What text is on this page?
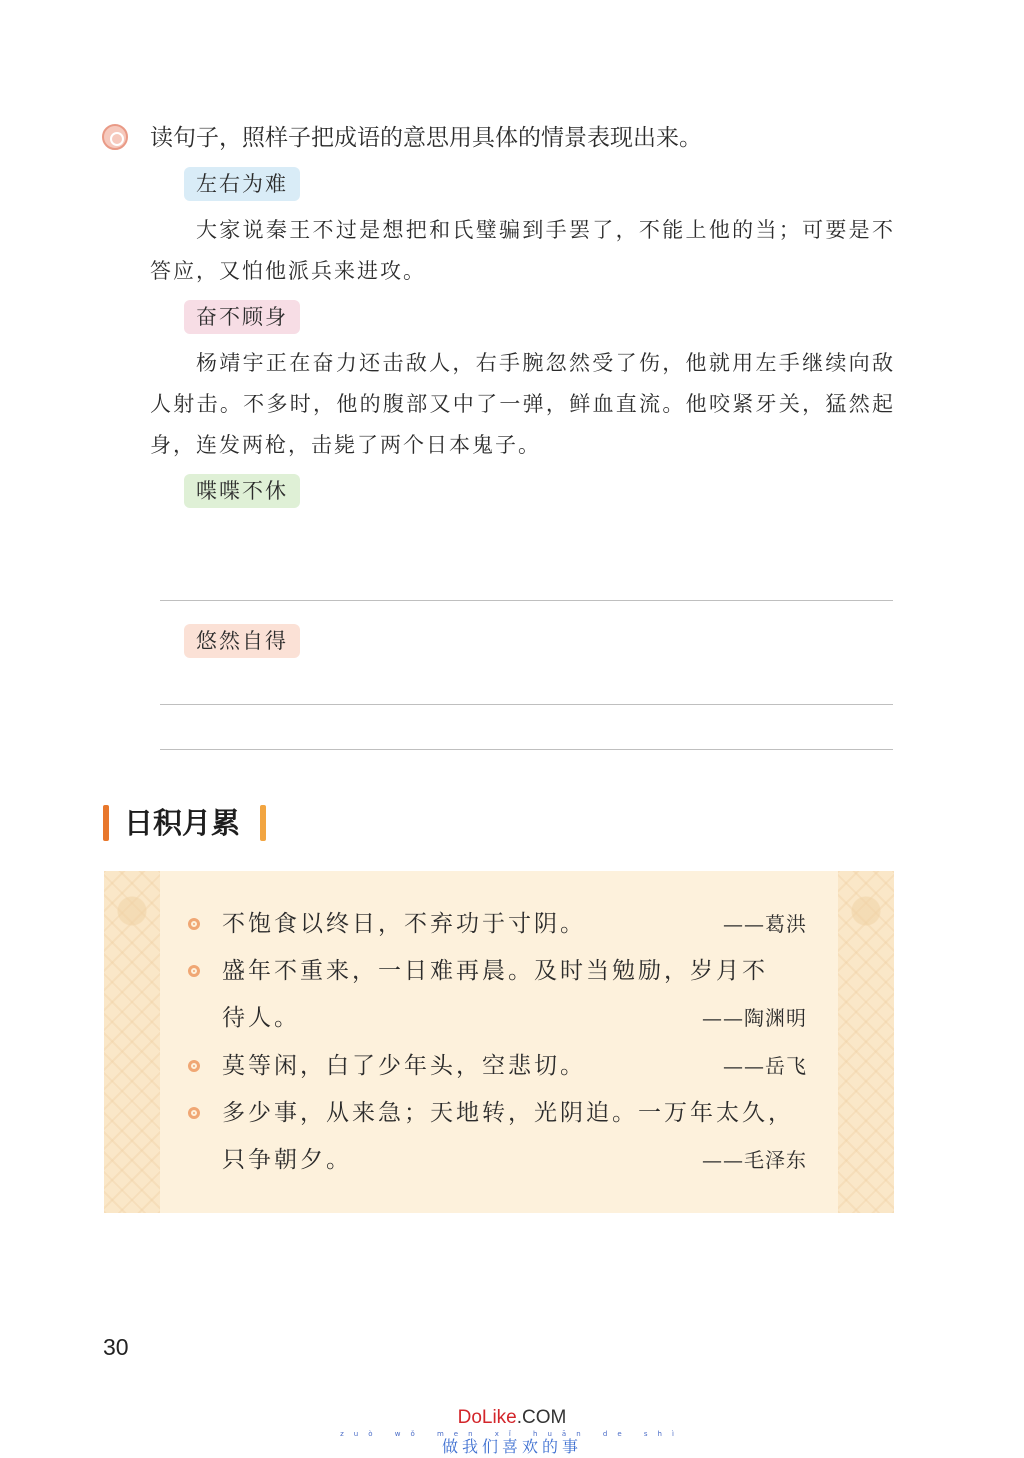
读句子，照样子把成语的意思用具体的情景表现出来。
左右为难
大家说秦王不过是想把和氏璧骗到手罢了，不能上他的当；可要是不答应，又怕他派兵来进攻。
奋不顾身
杨靖宇正在奋力还击敌人，右手腕忽然受了伤，他就用左手继续向敌人射击。不多时，他的腹部又中了一弹，鲜血直流。他咬紧牙关，猛然起身，连发两枪，击毙了两个日本鬼子。
喋喋不休
悠然自得
日积月累
不饱食以终日，不弃功于寸阴。	——葛洪
盛年不重来，一日难再晨。及时当勉励，岁月不
待人。	——陶渊明
莫等闲，白了少年头，空悲切。	——岳飞
多少事，从来急；天地转，光阴迫。一万年太久，
只争朝夕。	——毛泽东
30
DoLike.COM
zuò wǒ men xǐ huān de shì
做我们喜欢的事
